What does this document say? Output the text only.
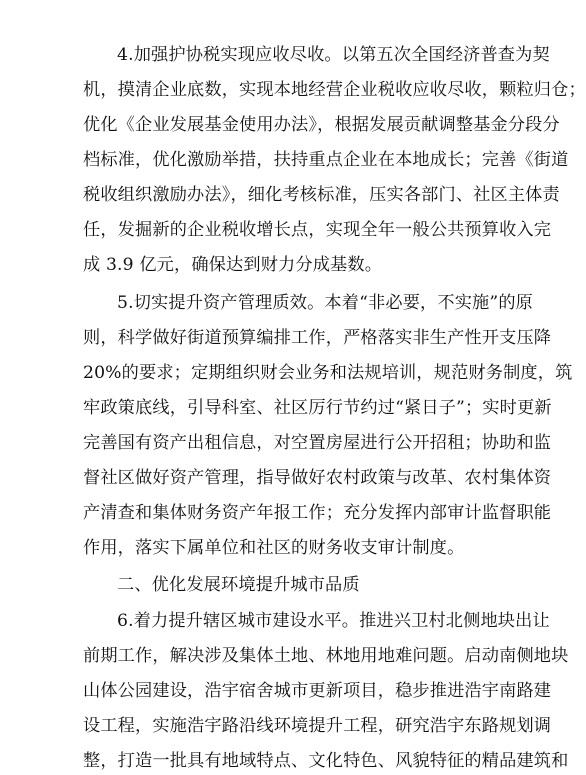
4.加强护协税实现应收尽收。以第五次全国经济普查为契
机，摸清企业底数，实现本地经营企业税收应收尽收，颗粒归仓；
优化《企业发展基金使用办法》，根据发展贡献调整基金分段分
档标准，优化激励举措，扶持重点企业在本地成长；完善《街道
税收组织激励办法》，细化考核标准，压实各部门、社区主体责
任，发掘新的企业税收增长点，实现全年一般公共预算收入完
成 3.9 亿元，确保达到财力分成基数。
5.切实提升资产管理质效。本着“非必要，不实施”的原
则，科学做好街道预算编排工作，严格落实非生产性开支压降
20%的要求；定期组织财会业务和法规培训，规范财务制度，筑
牢政策底线，引导科室、社区厉行节约过“紧日子”；实时更新
完善国有资产出租信息，对空置房屋进行公开招租；协助和监
督社区做好资产管理，指导做好农村政策与改革、农村集体资
产清查和集体财务资产年报工作；充分发挥内部审计监督职能
作用，落实下属单位和社区的财务收支审计制度。
二、优化发展环境提升城市品质
6.着力提升辖区城市建设水平。推进兴卫村北侧地块出让
前期工作，解决涉及集体土地、林地用地难问题。启动南侧地块
山体公园建设，浩宇宿舍城市更新项目，稳步推进浩宇南路建
设工程，实施浩宇路沿线环境提升工程，研究浩宇东路规划调
整，打造一批具有地域特点、文化特色、风貌特征的精品建筑和
